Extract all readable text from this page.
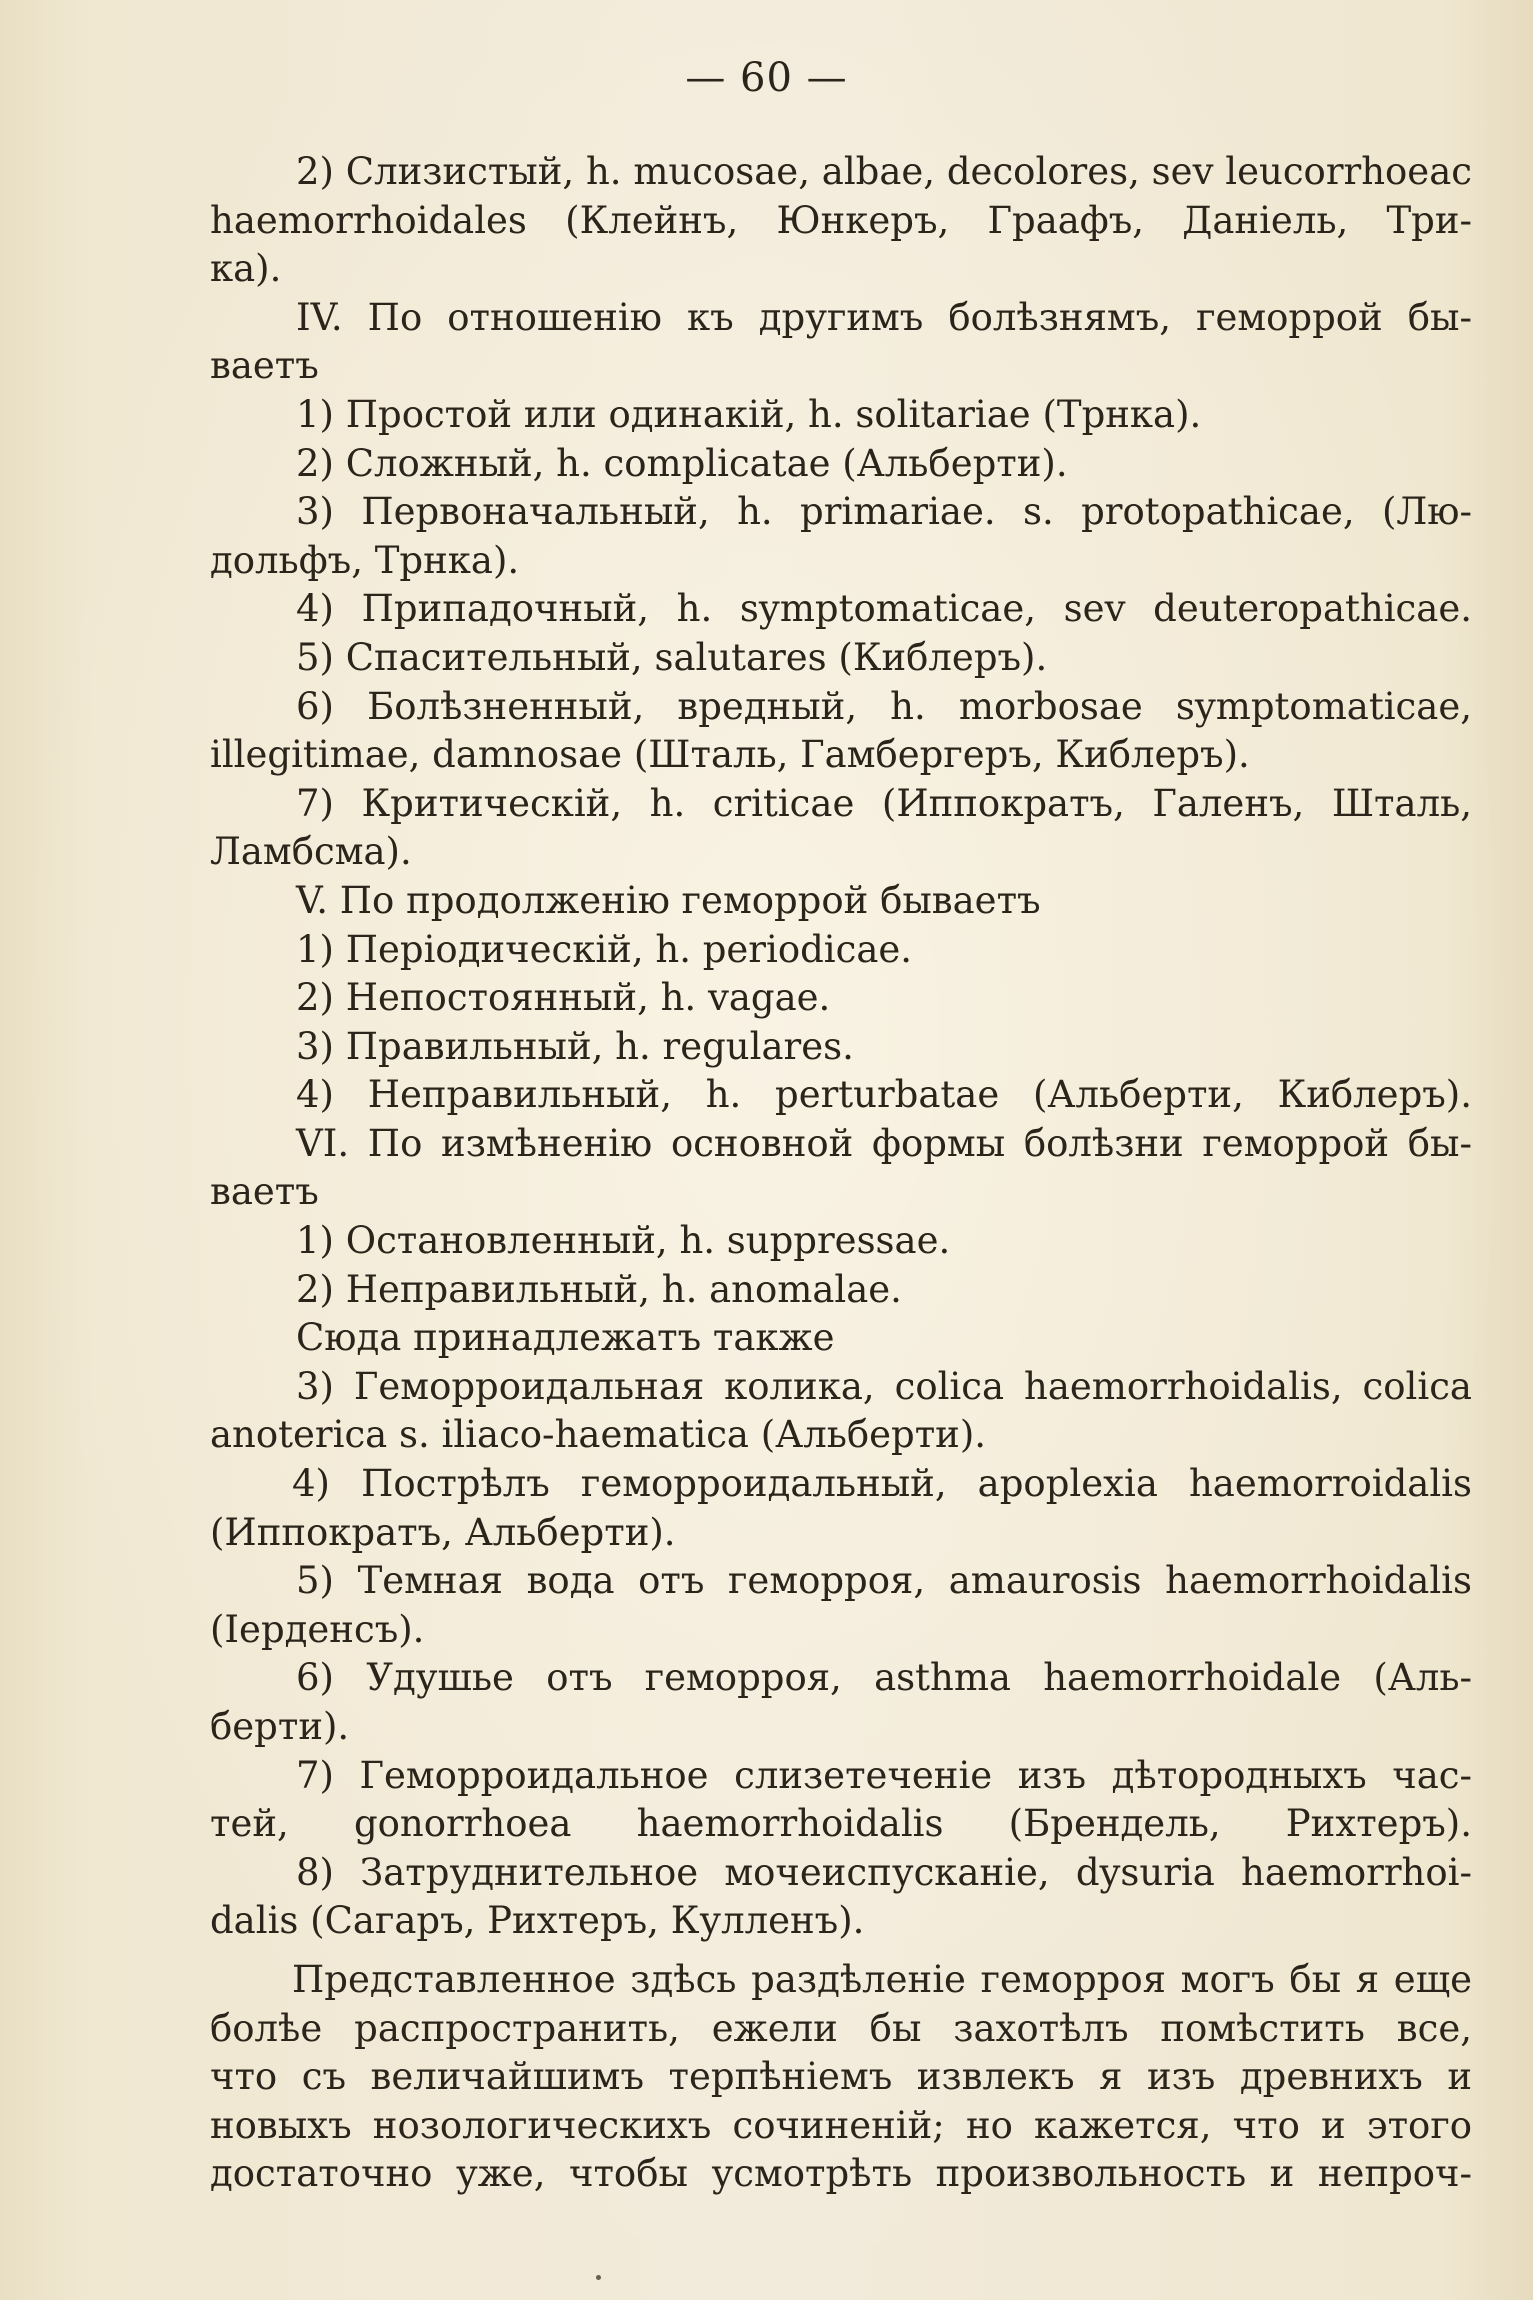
— 60 —
2) Слизистый, h. mucosae, albae, decolores, sev leucorrhoeac
haemorrhoidales (Клейнъ, Юнкеръ, Граафъ, Даніель, Три-
ка).
IV. По отношенію къ другимъ болѣзнямъ, геморрой бы-
ваетъ
1) Простой или одинакій, h. solitariae (Трнка).
2) Сложный, h. complicatae (Альберти).
3) Первоначальный, h. primariae. s. protopathicae, (Лю-
дольфъ, Трнка).
4) Припадочный, h. symptomaticae, sev deuteropathicae.
5) Спасительный, salutares (Киблеръ).
6) Болѣзненный, вредный, h. morbosae symptomaticae,
illegitimae, damnosae (Шталь, Гамбергеръ, Киблеръ).
7) Критическій, h. criticae (Иппократъ, Галенъ, Шталь,
Ламбсма).
V. По продолженію геморрой бываетъ
1) Періодическій, h. periodicae.
2) Непостоянный, h. vagae.
3) Правильный, h. regulares.
4) Неправильный, h. perturbatae (Альберти, Киблеръ).
VI. По измѣненію основной формы болѣзни геморрой бы-
ваетъ
1) Остановленный, h. suppressae.
2) Неправильный, h. anomalae.
Сюда принадлежатъ также
3) Геморроидальная колика, colica haemorrhoidalis, colica
anoterica s. iliaco-haematica (Альберти).
4) Пострѣлъ геморроидальный, apoplexia haemorroidalis
(Иппократъ, Альберти).
5) Темная вода отъ геморроя, amaurosis haemorrhoidalis
(Іерденсъ).
6) Удушье отъ геморроя, asthma haemorrhoidale (Аль-
берти).
7) Геморроидальное слизетеченіе изъ дѣтородныхъ час-
тей, gonorrhoea haemorrhoidalis (Брендель, Рихтеръ).
8) Затруднительное мочеиспусканіе, dysuria haemorrhoi-
dalis (Сагаръ, Рихтеръ, Кулленъ).
Представленное здѣсь раздѣленіе геморроя могъ бы я еще
болѣе распространить, ежели бы захотѣлъ помѣстить все,
что съ величайшимъ терпѣніемъ извлекъ я изъ древнихъ и
новыхъ нозологическихъ сочиненій; но кажется, что и этого
достаточно уже, чтобы усмотрѣть произвольность и непроч-
